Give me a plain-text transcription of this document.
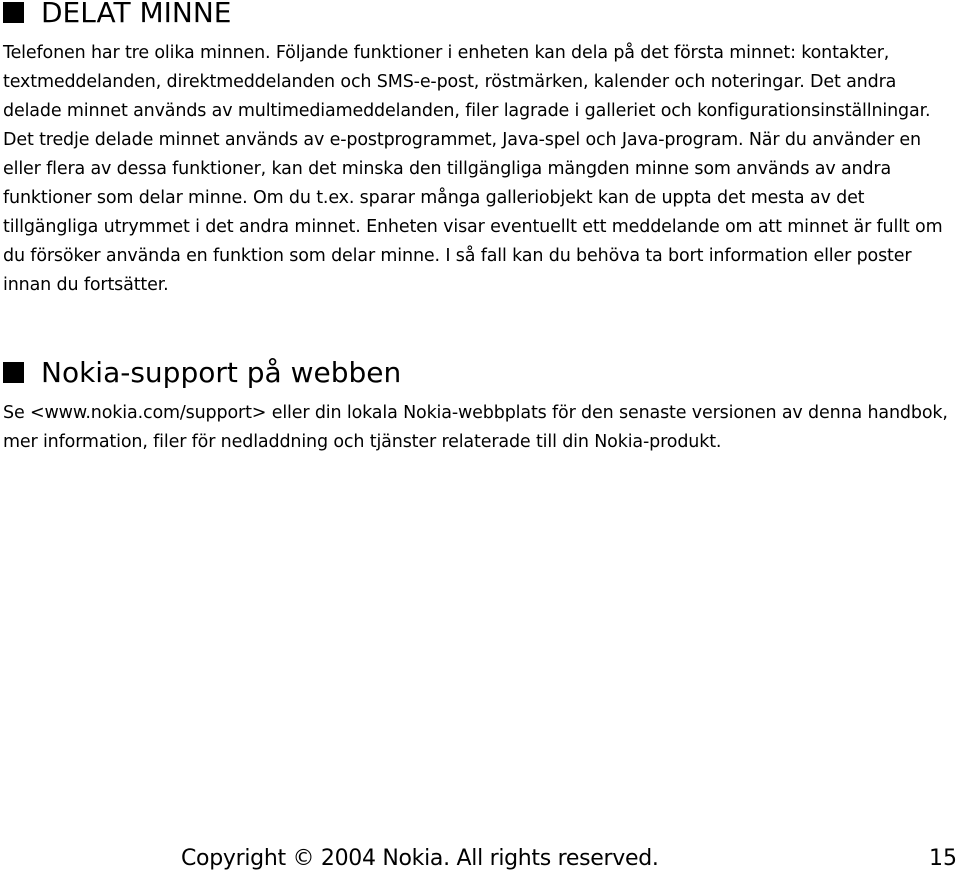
DELAT MINNE

Telefonen har tre olika minnen. Följande funktioner i enheten kan dela på det första minnet: kontakter, textmeddelanden, direktmeddelanden och SMS-e-post, röstmärken, kalender och noteringar. Det andra delade minnet används av multimediameddelanden, filer lagrade i galleriet och konfigurationsinställningar. Det tredje delade minnet används av e-postprogrammet, Java-spel och Java-program. När du använder en eller flera av dessa funktioner, kan det minska den tillgängliga mängden minne som används av andra funktioner som delar minne. Om du t.ex. sparar många galleriobjekt kan de uppta det mesta av det tillgängliga utrymmet i det andra minnet. Enheten visar eventuellt ett meddelande om att minnet är fullt om du försöker använda en funktion som delar minne. I så fall kan du behöva ta bort information eller poster innan du fortsätter.

Nokia-support på webben

Se <www.nokia.com/support> eller din lokala Nokia-webbplats för den senaste versionen av denna handbok, mer information, filer för nedladdning och tjänster relaterade till din Nokia-produkt.

Copyright © 2004 Nokia. All rights reserved.	15
